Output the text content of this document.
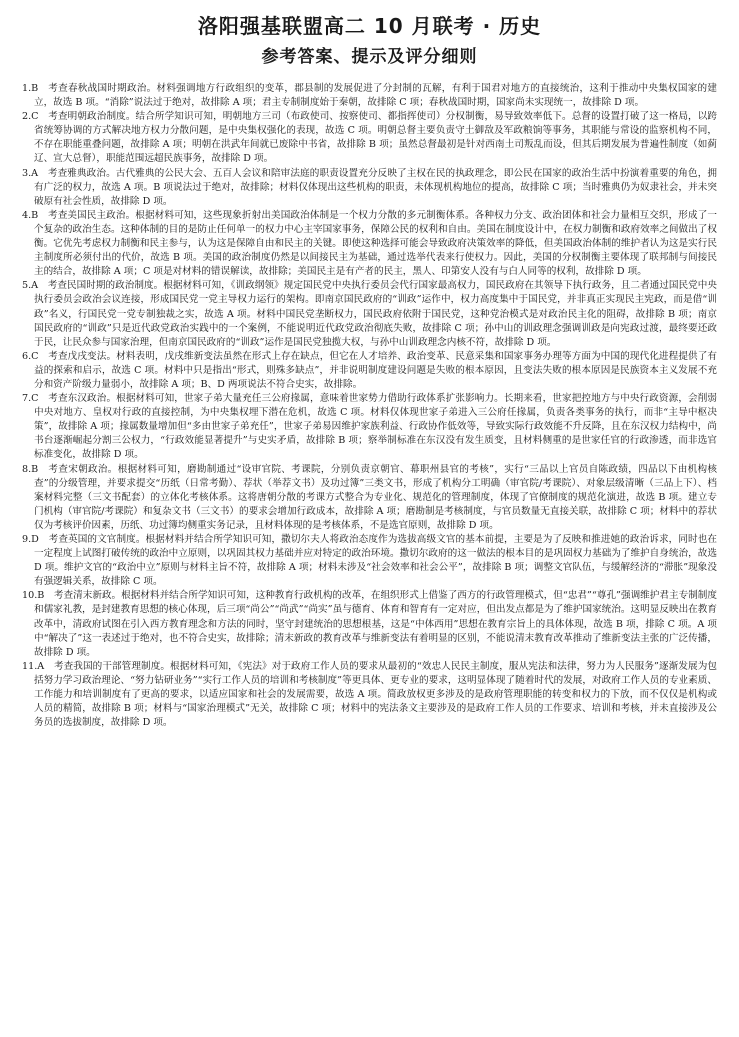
洛阳强基联盟高二 10 月联考 · 历史
参考答案、提示及评分细则

1.B　考查春秋战国时期政治。材料强调地方行政组织的变革，郡县制的发展促进了分封制的瓦解，有利于国君对地方的直接统治，这利于推动中央集权国家的建立，故选 B 项。“消除”说法过于绝对，故排除 A 项；君主专制制度始于秦朝，故排除 C 项；春秋战国时期，国家尚未实现统一，故排除 D 项。

2.C　考查明朝政治制度。结合所学知识可知，明朝地方三司（布政使司、按察使司、都指挥使司）分权制衡，易导致效率低下。总督的设置打破了这一格局，以跨省统筹协调的方式解决地方权力分散问题，是中央集权强化的表现，故选 C 项。明朝总督主要负责守土御敌及军政粮饷等事务，其职能与常设的监察机构不同，不存在职能重叠问题，故排除 A 项；明朝在洪武年间就已废除中书省，故排除 B 项；虽然总督最初是针对西南土司叛乱而设，但其后期发展为普遍性制度（如蓟辽、宣大总督），职能范围远超民族事务，故排除 D 项。

3.A　考查雅典政治。古代雅典的公民大会、五百人会议和陪审法庭的职责设置充分反映了主权在民的执政理念，即公民在国家的政治生活中扮演着重要的角色，拥有广泛的权力，故选 A 项。B 项说法过于绝对，故排除；材料仅体现出这些机构的职责，未体现机构地位的提高，故排除 C 项；当时雅典仍为奴隶社会，并未突破原有社会性质，故排除 D 项。

4.B　考查美国民主政治。根据材料可知，这些现象折射出美国政治体制是一个权力分散的多元制衡体系。各种权力分支、政治团体和社会力量相互交织，形成了一个复杂的政治生态。这种体制的目的是防止任何单一的权力中心主宰国家事务，保障公民的权利和自由。美国在制度设计中，在权力制衡和政府效率之间做出了权衡。它优先考虑权力制衡和民主参与，认为这是保障自由和民主的关键。即使这种选择可能会导致政府决策效率的降低，但美国政治体制的维护者认为这是实行民主制度所必须付出的代价，故选 B 项。美国的政治制度仍然是以间接民主为基础，通过选举代表来行使权力。因此，美国的分权制衡主要体现了联邦制与间接民主的结合，故排除 A 项；C 项是对材料的错误解读，故排除；美国民主是有产者的民主，黑人、印第安人没有与白人同等的权利，故排除 D 项。

5.A　考查民国时期的政治制度。根据材料可知，《训政纲领》规定国民党中央执行委员会代行国家最高权力，国民政府在其领导下执行政务，且二者通过国民党中央执行委员会政治会议连接，形成国民党一党主导权力运行的架构。即南京国民政府的“训政”运作中，权力高度集中于国民党，并非真正实现民主宪政，而是借“训政”名义，行国民党一党专制独裁之实，故选 A 项。材料中国民党垄断权力，国民政府依附于国民党，这种党治模式是对政治民主化的阻碍，故排除 B 项；南京国民政府的“训政”只是近代政党政治实践中的一个案例，不能说明近代政党政治彻底失败，故排除 C 项；孙中山的训政理念强调训政是向宪政过渡，最终要还政于民，让民众参与国家治理，但南京国民政府的“训政”运作是国民党独揽大权，与孙中山训政理念内核不符，故排除 D 项。

6.C　考查戊戌变法。材料表明，戊戌维新变法虽然在形式上存在缺点，但它在人才培养、政治变革、民意采集和国家事务办理等方面为中国的现代化进程提供了有益的探索和启示，故选 C 项。材料中只是指出“形式，则殊多缺点”，并非说明制度建设问题是失败的根本原因，且变法失败的根本原因是民族资本主义发展不充分和资产阶级力量弱小，故排除 A 项；B、D 两项说法不符合史实，故排除。

7.C　考查东汉政治。根据材料可知，世家子弟大量充任三公府掾属，意味着世家势力借助行政体系扩张影响力。长期来看，世家把控地方与中央行政资源，会削弱中央对地方、皇权对行政的直接控制，为中央集权埋下潜在危机，故选 C 项。材料仅体现世家子弟进入三公府任掾属，负责各类事务的执行，而非“主导中枢决策”，故排除 A 项；掾属数量增加但“多由世家子弟充任”，世家子弟易因维护家族利益、行政协作低效等，导致实际行政效能不升反降，且在东汉权力结构中，尚书台逐渐崛起分割三公权力，“行政效能显著提升”与史实矛盾，故排除 B 项；察举制标准在东汉没有发生质变，且材料侧重的是世家任官的行政渗透，而非选官标准变化，故排除 D 项。

8.B　考查宋朝政治。根据材料可知，磨勘制通过“设审官院、考课院，分别负责京朝官、幕职州县官的考核”，实行“三品以上官员自陈政绩，四品以下由机构核查”的分级管理，并要求提交“历纸（日常考勤）、荐状（举荐文书）及功过簿”三类文书，形成了机构分工明确（审官院/考课院）、对象层级清晰（三品上下）、档案材料完整（三文书配套）的立体化考核体系。这将唐朝分散的考课方式整合为专业化、规范化的管理制度，体现了官僚制度的规范化演进，故选 B 项。建立专门机构（审官院/考课院）和复杂文书（三文书）的要求会增加行政成本，故排除 A 项；磨勘制是考核制度，与官员数量无直接关联，故排除 C 项；材料中的荐状仅为考核评价因素，历纸、功过簿均侧重实务记录，且材料体现的是考核体系，不是选官原则，故排除 D 项。

9.D　考查英国的文官制度。根据材料并结合所学知识可知，撒切尔夫人将政治态度作为选拔高级文官的基本前提，主要是为了反映和推进她的政治诉求，同时也在一定程度上试图打破传统的政治中立原则，以巩固其权力基础并应对特定的政治环境。撒切尔政府的这一做法的根本目的是巩固权力基础为了维护自身统治，故选 D 项。维护文官的“政治中立”原则与材料主旨不符，故排除 A 项；材料未涉及“社会效率和社会公平”，故排除 B 项；调整文官队伍，与缓解经济的“滞胀”现象没有强逻辑关系，故排除 C 项。

10.B　考查清末新政。根据材料并结合所学知识可知，这种教育行政机构的改革，在组织形式上借鉴了西方的行政管理模式，但“忠君”“尊孔”强调维护君主专制制度和儒家礼教，是封建教育思想的核心体现，后三项“尚公”“尚武”“尚实”虽与德育、体育和智育有一定对应，但出发点都是为了维护国家统治。这明显反映出在教育改革中，清政府试图在引入西方教育理念和方法的同时，坚守封建统治的思想根基，这是“中体西用”思想在教育宗旨上的具体体现，故选 B 项，排除 C 项。A 项中“解决了”这一表述过于绝对，也不符合史实，故排除；清末新政的教育改革与维新变法有着明显的区别，不能说清末教育改革推动了维新变法主张的广泛传播，故排除 D 项。

11.A　考查我国的干部管理制度。根据材料可知，《宪法》对于政府工作人员的要求从最初的“效忠人民民主制度，服从宪法和法律，努力为人民服务”逐渐发展为包括努力学习政治理论、“努力钻研业务”“实行工作人员的培训和考核制度”等更具体、更专业的要求，这明显体现了随着时代的发展，对政府工作人员的专业素质、工作能力和培训制度有了更高的要求，以适应国家和社会的发展需要，故选 A 项。简政放权更多涉及的是政府管理职能的转变和权力的下放，而不仅仅是机构或人员的精简，故排除 B 项；材料与“国家治理模式”无关，故排除 C 项；材料中的宪法条文主要涉及的是政府工作人员的工作要求、培训和考核，并未直接涉及公务员的选拔制度，故排除 D 项。
